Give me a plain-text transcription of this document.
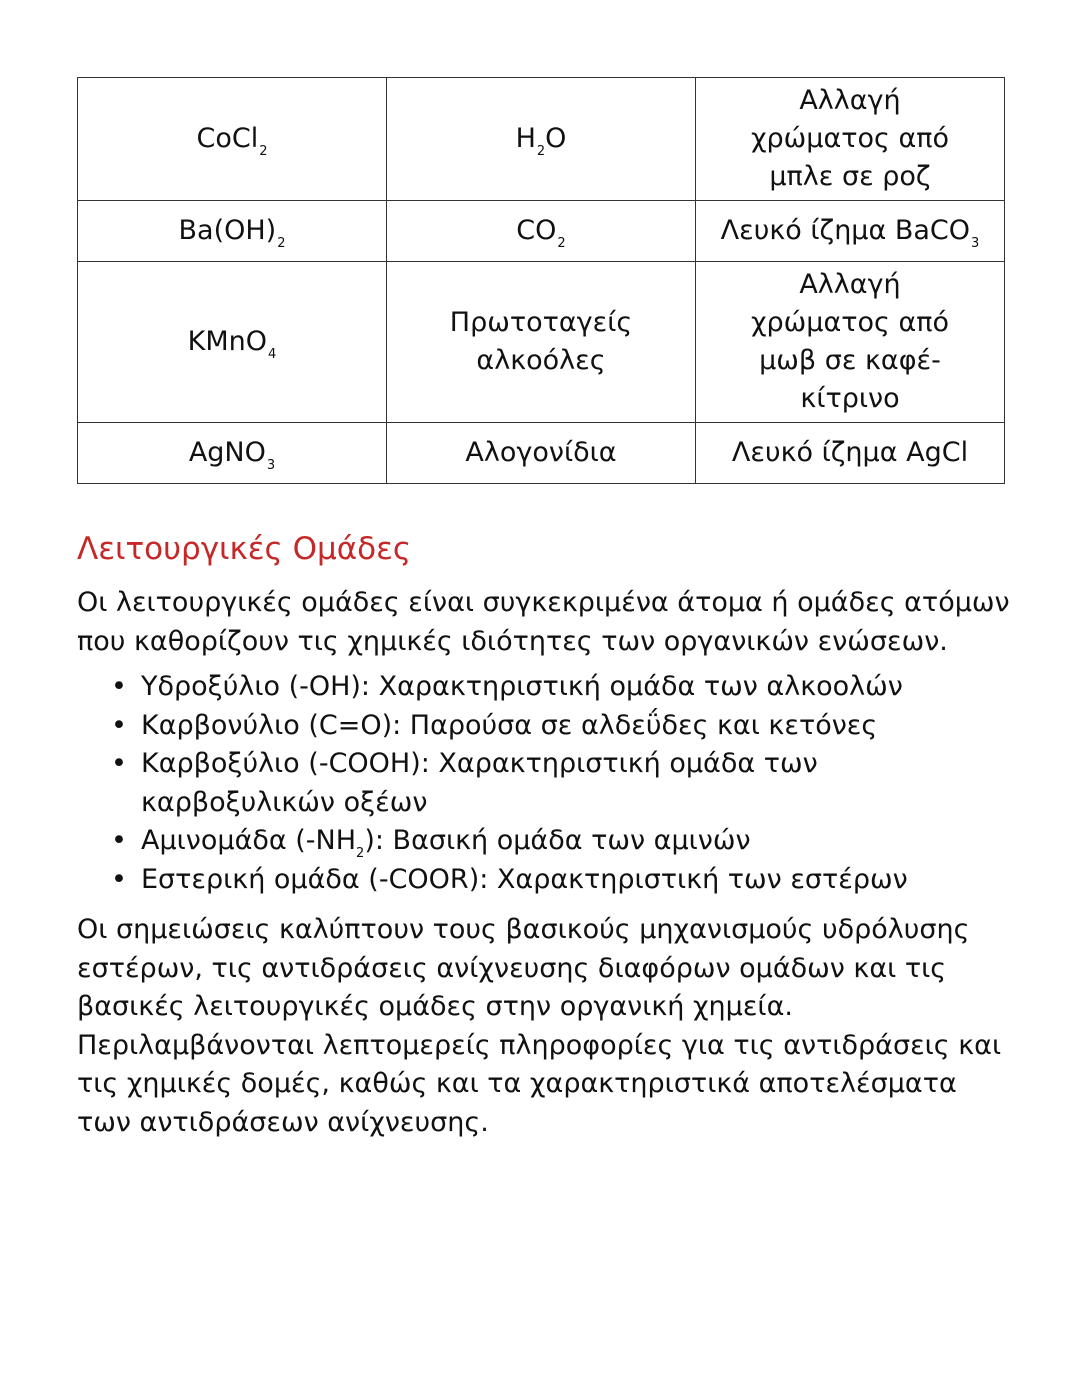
CoCl$_2$	$H_2O$	Αλλαγή χρώματος από μπλε σε ροζ
$Ba(OH)_2$	$CO_2$	Λευκό ίζημα BaCO$_3$
KMnO$_4$	Πρωτοταγείς αλκοόλες	Αλλαγή χρώματος από μωβ σε καφέ-κίτρινο
AgNO$_3$	Αλογονίδια	Λευκό ίζημα AgCl
Λειτουργικές Ομάδες

Οι λειτουργικές ομάδες είναι συγκεκριμένα άτομα ή ομάδες ατόμων που καθορίζουν τις χημικές ιδιότητες των οργανικών ενώσεων.

• Υδροξύλιο (-OH): Χαρακτηριστική ομάδα των αλκοολών
• Καρβονύλιο (C=O): Παρούσα σε αλδεΰδες και κετόνες
• Καρβοξύλιο (-COOH): Χαρακτηριστική ομάδα των καρβοξυλικών οξέων
• Αμινομάδα $(-NH_2)$: Βασική ομάδα των αμινών
• Εστερική ομάδα (-COOR): Χαρακτηριστική των εστέρων

Οι σημειώσεις καλύπτουν τους βασικούς μηχανισμούς υδρόλυσης εστέρων, τις αντιδράσεις ανίχνευσης διαφόρων ομάδων και τις βασικές λειτουργικές ομάδες στην οργανική χημεία. Περιλαμβάνονται λεπτομερείς πληροφορίες για τις αντιδράσεις και τις χημικές δομές, καθώς και τα χαρακτηριστικά αποτελέσματα των αντιδράσεων ανίχνευσης.
